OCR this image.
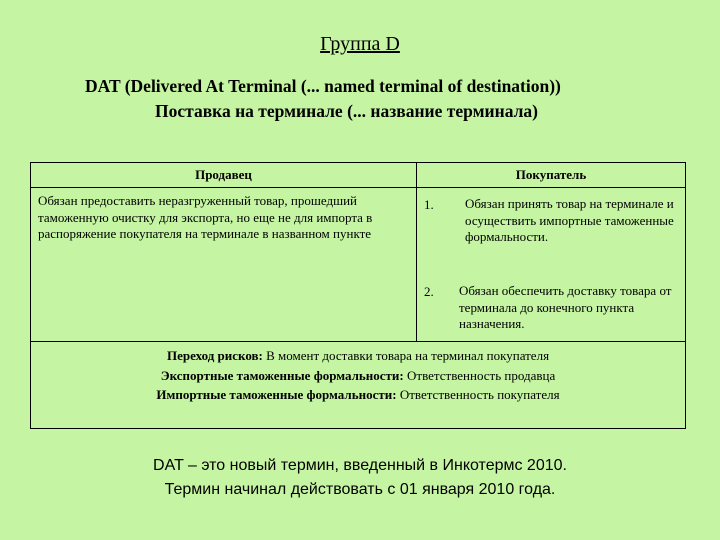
Группа D
DAT (Delivered At Terminal (... named terminal of destination))
Поставка на терминале (... название терминала)
Продавец	Покупатель
Обязан предоставить неразгруженный товар, прошедший таможенную очистку для экспорта, но еще не для импорта в распоряжение покупателя на терминале в названном пункте
1. Обязан принять товар на терминале и осуществить импортные таможенные формальности.
2. Обязан обеспечить доставку товара от терминала до конечного пункта назначения.
Переход рисков: В момент доставки товара на терминал покупателя
Экспортные таможенные формальности: Ответственность продавца
Импортные таможенные формальности: Ответственность покупателя
DAT – это новый термин, введенный в Инкотермс 2010.
Термин начинал действовать с 01 января 2010 года.
